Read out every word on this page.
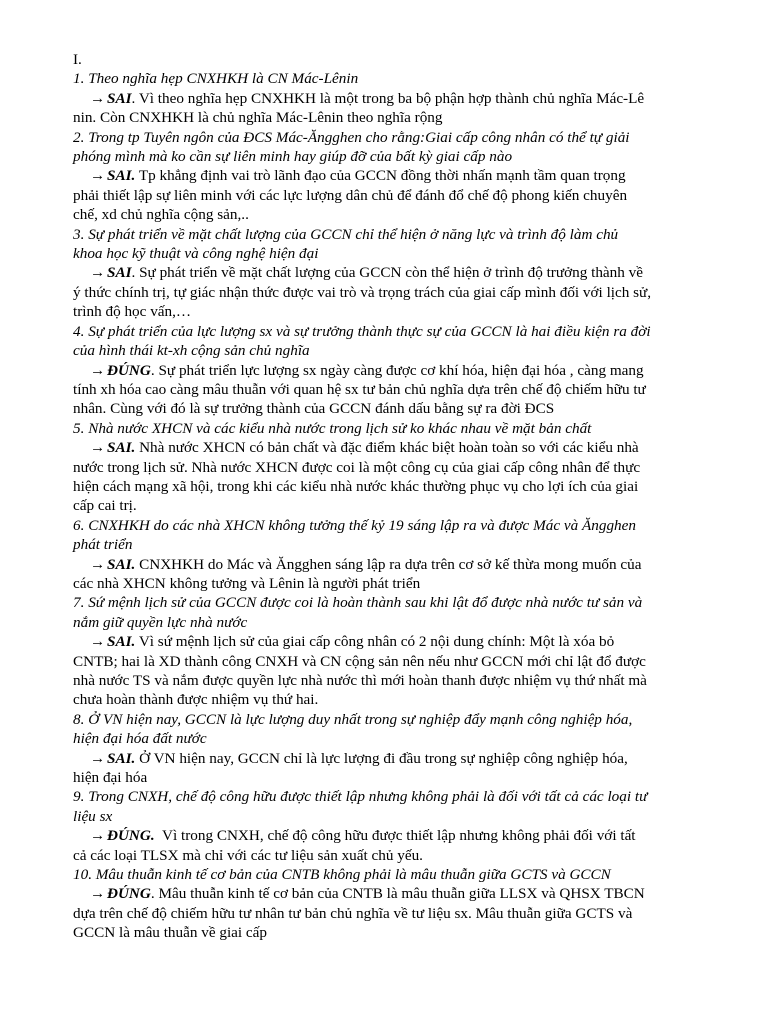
I.
1. Theo nghĩa hẹp CNXHKH là CN Mác-Lênin
→ SAI. Vì theo nghĩa hẹp CNXHKH là một trong ba bộ phận hợp thành chủ nghĩa Mác-Lê
nin. Còn CNXHKH là chủ nghĩa Mác-Lênin theo nghĩa rộng
2. Trong tp Tuyên ngôn của ĐCS Mác-Ăngghen cho rằng:Giai cấp công nhân có thể tự giải
phóng mình mà ko cần sự liên minh hay giúp đỡ của bất kỳ giai cấp nào
→ SAI. Tp khẳng định vai trò lãnh đạo của GCCN đồng thời nhấn mạnh tầm quan trọng
phải thiết lập sự liên minh với các lực lượng dân chủ để đánh đổ chế độ phong kiến chuyên
chế, xd chủ nghĩa cộng sản,..
3. Sự phát triển về mặt chất lượng của GCCN chỉ thể hiện ở năng lực và trình độ làm chủ
khoa học kỹ thuật và công nghệ hiện đại
→ SAI. Sự phát triển về mặt chất lượng của GCCN còn thể hiện ở trình độ trưởng thành về
ý thức chính trị, tự giác nhận thức được vai trò và trọng trách của giai cấp mình đối với lịch sử,
trình độ học vấn,…
4. Sự phát triển của lực lượng sx và sự trưởng thành thực sự của GCCN là hai điều kiện ra đời
của hình thái kt-xh cộng sản chủ nghĩa
→ ĐÚNG. Sự phát triển lực lượng sx ngày càng được cơ khí hóa, hiện đại hóa , càng mang
tính xh hóa cao càng mâu thuẫn với quan hệ sx tư bản chủ nghĩa dựa trên chế độ chiếm hữu tư
nhân. Cùng với đó là sự trưởng thành của GCCN đánh dấu bằng sự ra đời ĐCS
5. Nhà nước XHCN và các kiểu nhà nước trong lịch sử ko khác nhau về mặt bản chất
→ SAI. Nhà nước XHCN có bản chất và đặc điểm khác biệt hoàn toàn so với các kiểu nhà
nước trong lịch sử. Nhà nước XHCN được coi là một công cụ của giai cấp công nhân để thực
hiện cách mạng xã hội, trong khi các kiểu nhà nước khác thường phục vụ cho lợi ích của giai
cấp cai trị.
6. CNXHKH do các nhà XHCN không tưởng thế kỷ 19 sáng lập ra và được Mác và Ăngghen
phát triển
→ SAI. CNXHKH do Mác và Ăngghen sáng lập ra dựa trên cơ sở kế thừa mong muốn của
các nhà XHCN không tưởng và Lênin là người phát triển
7. Sứ mệnh lịch sử của GCCN được coi là hoàn thành sau khi lật đổ được nhà nước tư sản và
nắm giữ quyền lực nhà nước
→ SAI. Vì sứ mệnh lịch sử của giai cấp công nhân có 2 nội dung chính: Một là xóa bỏ
CNTB; hai là XD thành công CNXH và CN cộng sản nên nếu như GCCN mới chỉ lật đổ được
nhà nước TS và nắm được quyền lực nhà nước thì mới hoàn thanh được nhiệm vụ thứ nhất mà
chưa hoàn thành được nhiệm vụ thứ hai.
8. Ở VN hiện nay, GCCN là lực lượng duy nhất trong sự nghiệp đẩy mạnh công nghiệp hóa,
hiện đại hóa đất nước
→ SAI. Ở VN hiện nay, GCCN chỉ là lực lượng đi đầu trong sự nghiệp công nghiệp hóa,
hiện đại hóa
9. Trong CNXH, chế độ công hữu được thiết lập nhưng không phải là đối với tất cả các loại tư
liệu sx
→ ĐÚNG.  Vì trong CNXH, chế độ công hữu được thiết lập nhưng không phải đối với tất
cả các loại TLSX mà chỉ với các tư liệu sản xuất chủ yếu.
10. Mâu thuẫn kinh tế cơ bản của CNTB không phải là mâu thuẫn giữa GCTS và GCCN
→ ĐÚNG. Mâu thuẫn kinh tế cơ bản của CNTB là mâu thuẫn giữa LLSX và QHSX TBCN
dựa trên chế độ chiếm hữu tư nhân tư bản chủ nghĩa về tư liệu sx. Mâu thuẫn giữa GCTS và
GCCN là mâu thuẫn về giai cấp
